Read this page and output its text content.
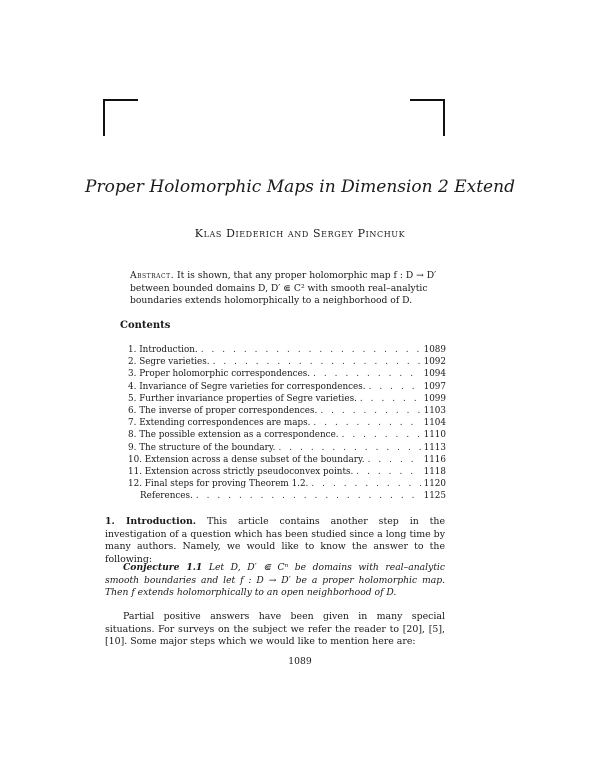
Proper Holomorphic Maps in Dimension 2 Extend
Klas Diederich and Sergey Pinchuk
Abstract. It is shown, that any proper holomorphic map f : D → D′ between bounded domains D, D′ ⋐ C² with smooth real–analytic boundaries extends holomorphically to a neighborhood of D.
Contents
1. Introduction. . . .	1089
2. Segre varieties. . . .	1092
3. Proper holomorphic correspondences. . . .	1094
4. Invariance of Segre varieties for correspondences. . . .	1097
5. Further invariance properties of Segre varieties. . . .	1099
6. The inverse of proper correspondences. . . .	1103
7. Extending correspondences are maps. . . .	1104
8. The possible extension as a correspondence. . . .	1110
9. The structure of the boundary. . . .	1113
10. Extension across a dense subset of the boundary. . . .	1116
11. Extension across strictly pseudoconvex points. . . .	1118
12. Final steps for proving Theorem 1.2. . . .	1120
References. . . .	1125
1. Introduction. This article contains another step in the investigation of a question which has been studied since a long time by many authors. Namely, we would like to know the answer to the following:
Conjecture 1.1 Let D, D′ ⋐ Cⁿ be domains with real–analytic smooth boundaries and let f : D → D′ be a proper holomorphic map. Then f extends holomorphically to an open neighborhood of D.
Partial positive answers have been given in many special situations. For surveys on the subject we refer the reader to [20], [5], [10]. Some major steps which we would like to mention here are:
1089
